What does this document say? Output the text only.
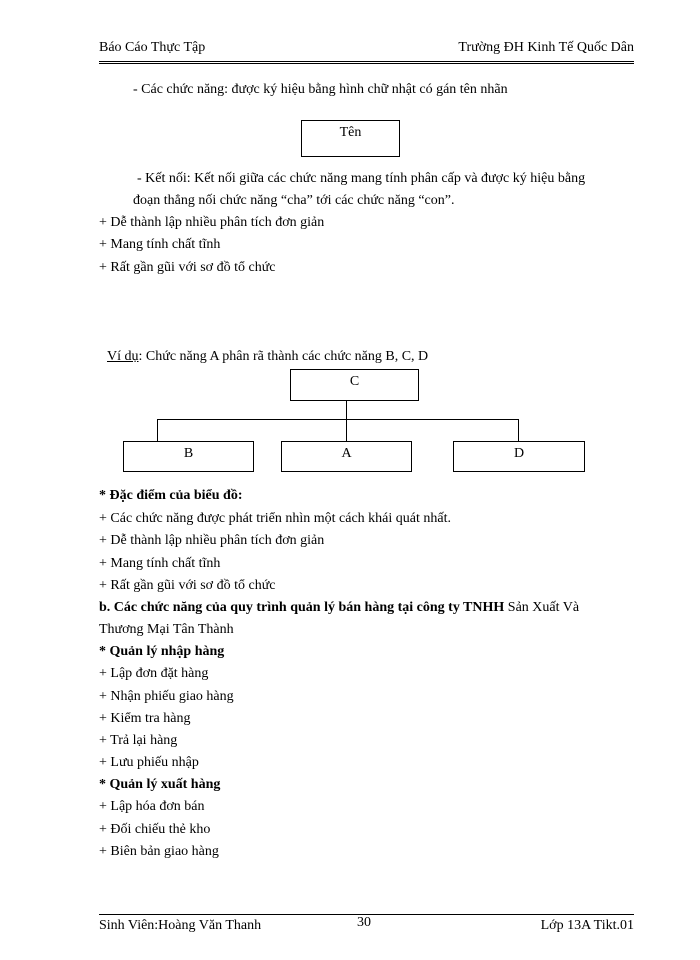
Báo Cáo Thực Tập	Trường ĐH Kinh Tế Quốc Dân
- Các chức năng: được ký hiệu bằng hình chữ nhật có gán tên nhãn
Tên
- Kết nối: Kết nối giữa các chức năng mang tính phân cấp và được ký hiệu bằng
đoạn thẳng nối chức năng “cha” tới các chức năng “con”.
+ Dễ thành lập nhiều phân tích đơn giản
+ Mang tính chất tĩnh
+ Rất gần gũi với sơ đồ tổ chức
Ví dụ: Chức năng A phân rã thành các chức năng B, C, D
C
B	A	D
* Đặc điểm của biểu đồ:
+ Các chức năng được phát triển nhìn một cách khái quát nhất.
+ Dễ thành lập nhiều phân tích đơn giản
+ Mang tính chất tĩnh
+ Rất gần gũi với sơ đồ tổ chức
b. Các chức năng của quy trình quản lý bán hàng tại công ty TNHH Sản Xuất Và
Thương Mại Tân Thành
* Quản lý nhập hàng
+ Lập đơn đặt hàng
+ Nhận phiếu giao hàng
+ Kiểm tra hàng
+ Trả lại hàng
+ Lưu phiếu nhập
* Quản lý xuất hàng
+ Lập hóa đơn bán
+ Đối chiếu thẻ kho
+ Biên bản giao hàng
Sinh Viên:Hoàng Văn Thanh	30	Lớp 13A Tikt.01
